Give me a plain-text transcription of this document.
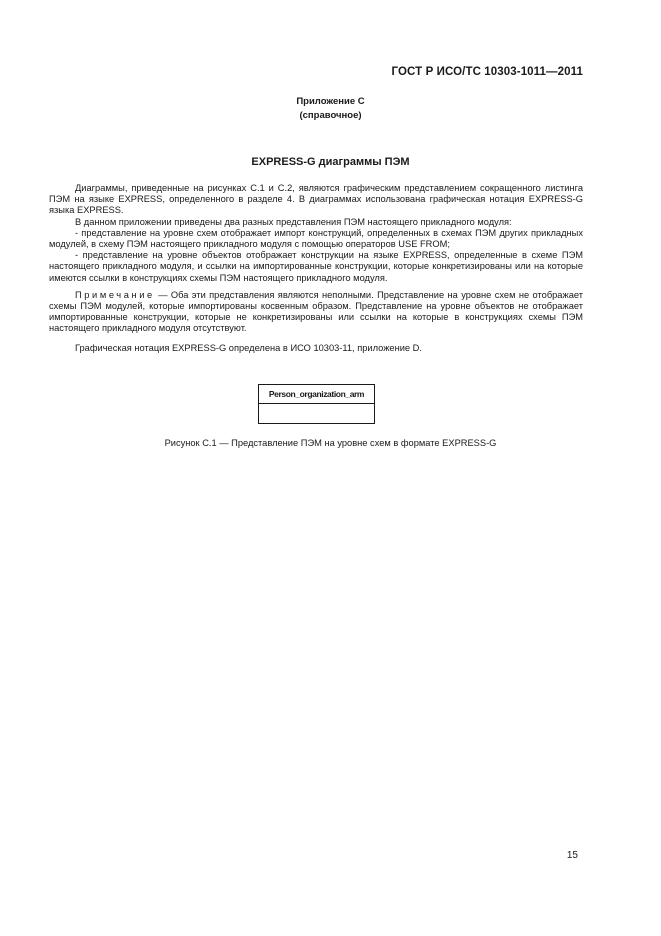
ГОСТ Р ИСО/ТС 10303-1011—2011
Приложение С
(справочное)
EXPRESS-G диаграммы ПЭМ

Диаграммы, приведенные на рисунках С.1 и С.2, являются графическим представлением сокращенного листинга ПЭМ на языке EXPRESS, определенного в разделе 4. В диаграммах использована графическая нотация EXPRESS-G языка EXPRESS.

В данном приложении приведены два разных представления ПЭМ настоящего прикладного модуля:

- представление на уровне схем отображает импорт конструкций, определенных в схемах ПЭМ других прикладных модулей, в схему ПЭМ настоящего прикладного модуля с помощью операторов USE FROM;

- представление на уровне объектов отображает конструкции на языке EXPRESS, определенные в схеме ПЭМ настоящего прикладного модуля, и ссылки на импортированные конструкции, которые конкретизированы или на которые имеются ссылки в конструкциях схемы ПЭМ настоящего прикладного модуля.

Примечание — Оба эти представления являются неполными. Представление на уровне схем не отображает схемы ПЭМ модулей, которые импортированы косвенным образом. Представление на уровне объектов не отображает импортированные конструкции, которые не конкретизированы или ссылки на которые в конструкциях схемы ПЭМ настоящего прикладного модуля отсутствуют.

Графическая нотация EXPRESS-G определена в ИСО 10303-11, приложение D.

Person_organization_arm
Рисунок С.1 — Представление ПЭМ на уровне схем в формате EXPRESS-G
15
